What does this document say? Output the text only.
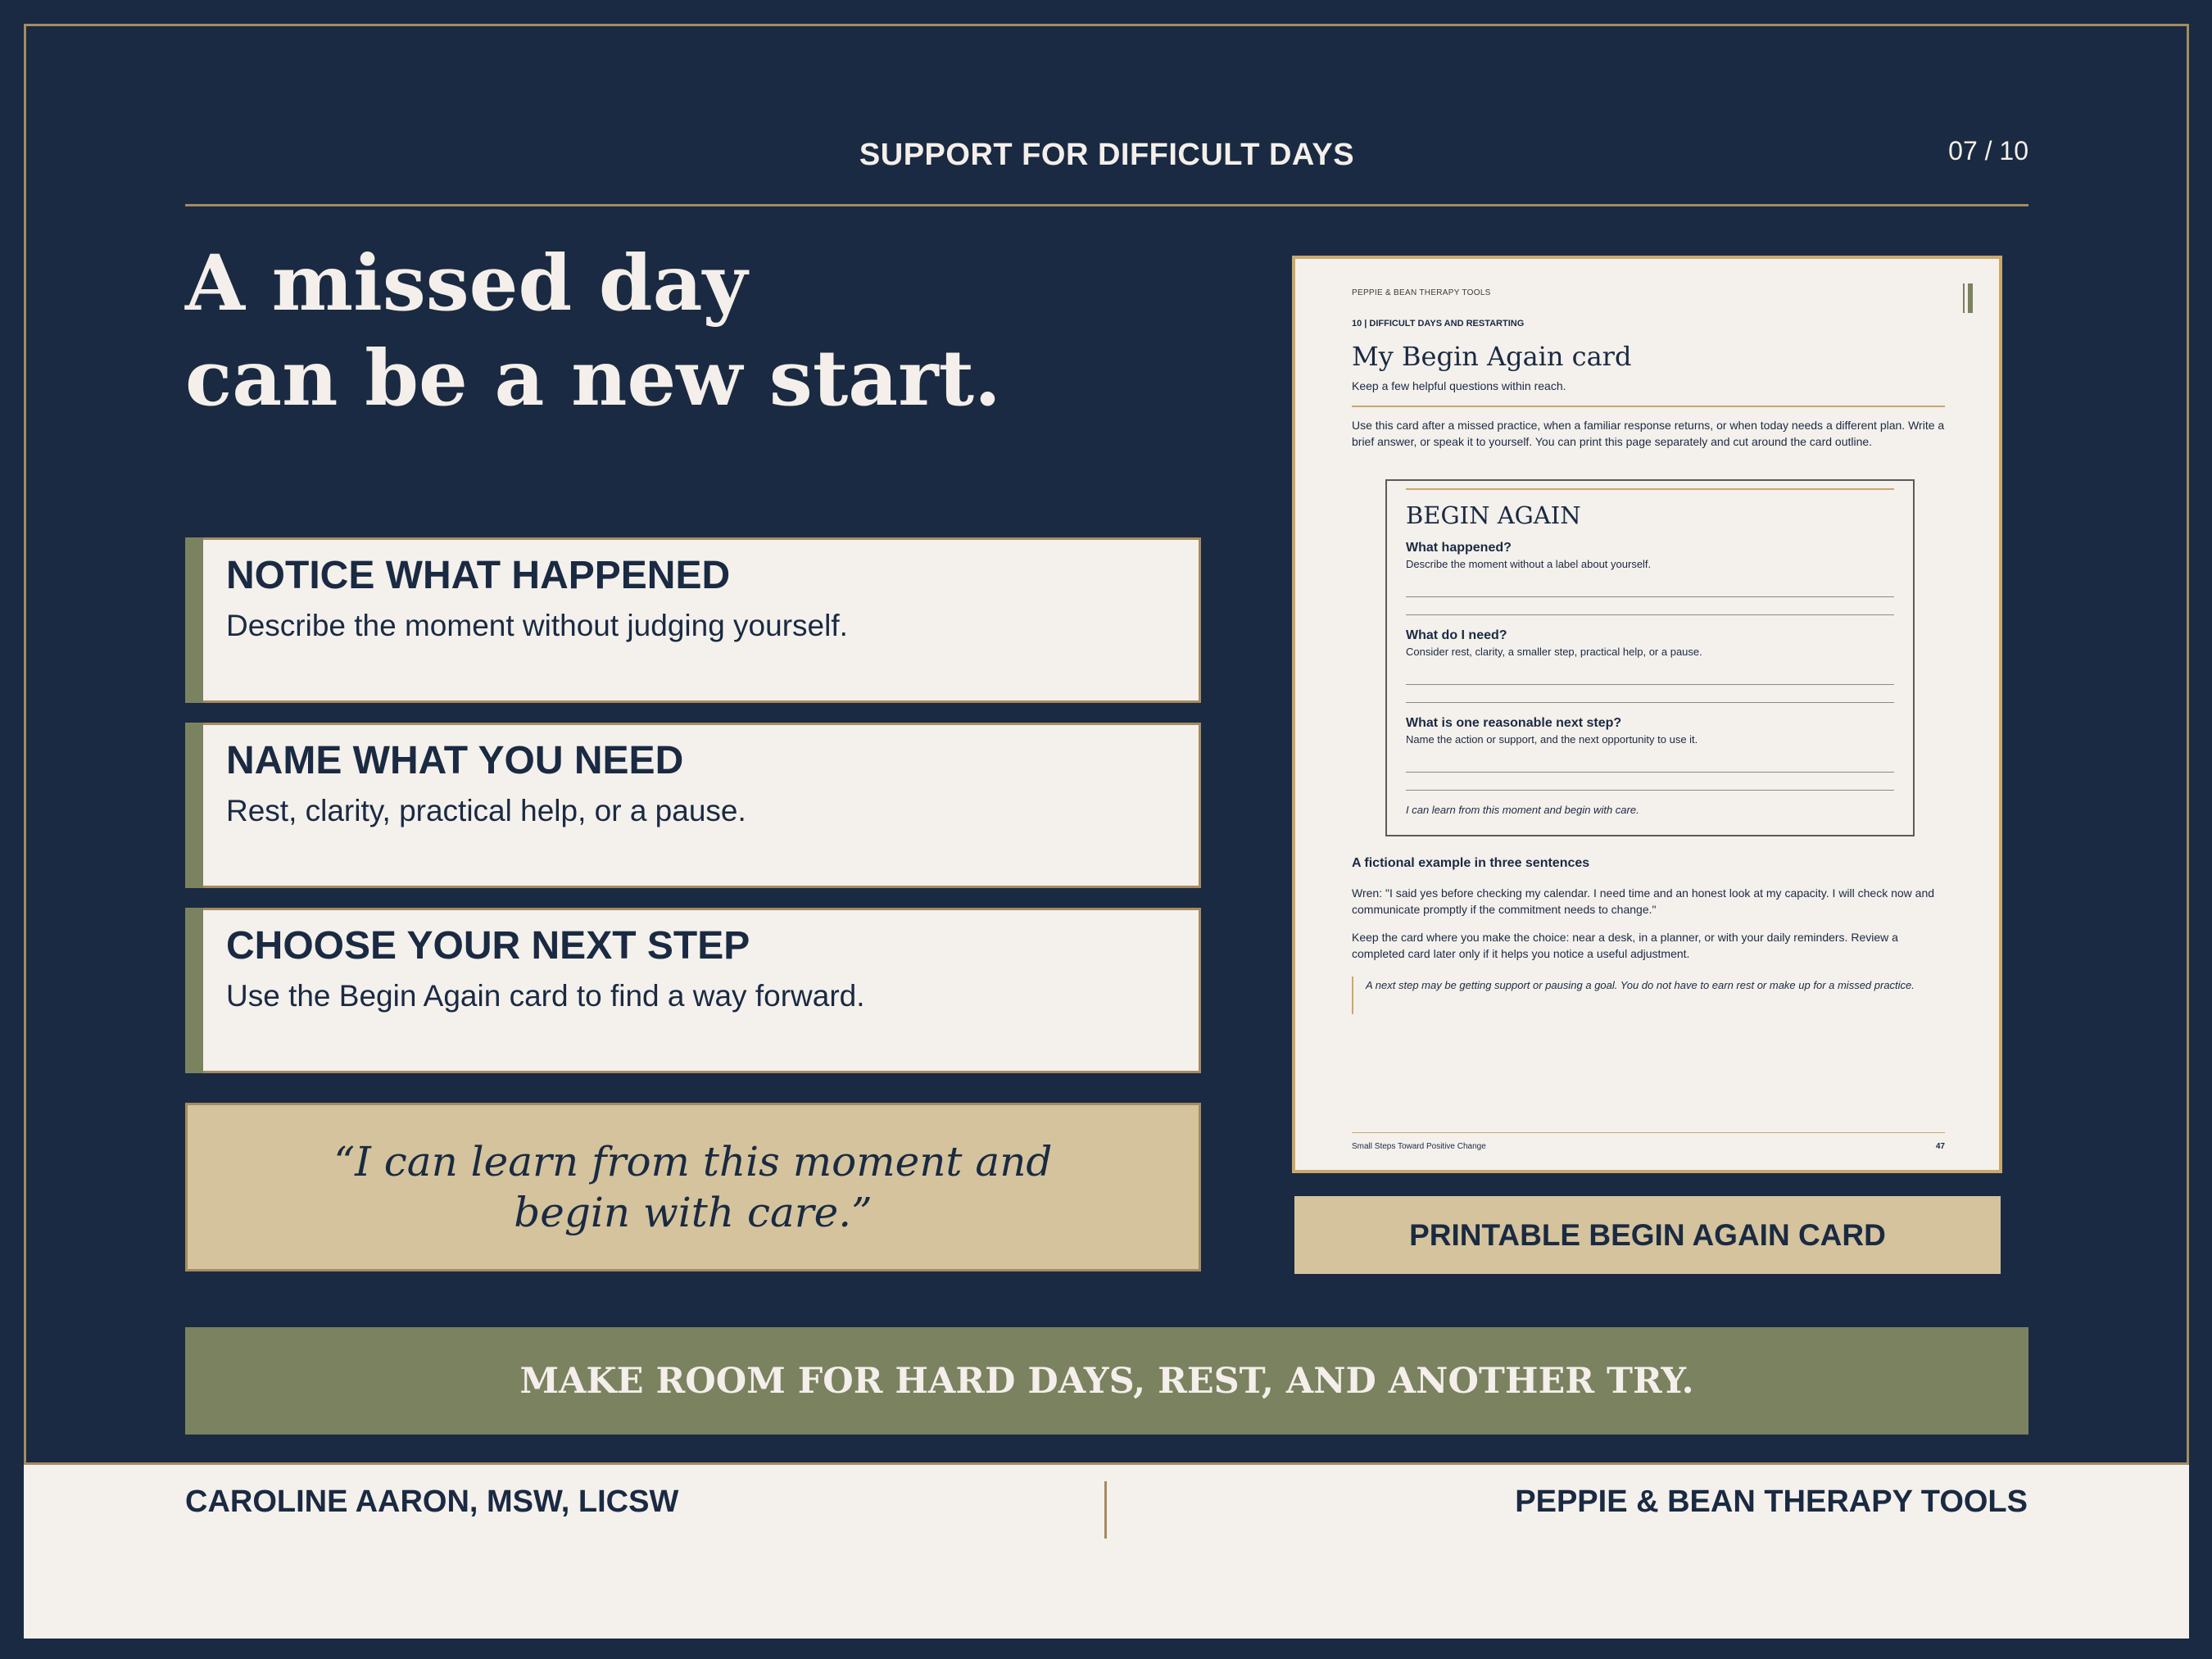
SUPPORT FOR DIFFICULT DAYS	07 / 10
A missed day
can be a new start.
NOTICE WHAT HAPPENED
Describe the moment without judging yourself.
NAME WHAT YOU NEED
Rest, clarity, practical help, or a pause.
CHOOSE YOUR NEXT STEP
Use the Begin Again card to find a way forward.
“I can learn from this moment and begin with care.”
PEPPIE & BEAN THERAPY TOOLS
10 | DIFFICULT DAYS AND RESTARTING
My Begin Again card
Keep a few helpful questions within reach.
Use this card after a missed practice, when a familiar response returns, or when today needs a different plan. Write a brief answer, or speak it to yourself. You can print this page separately and cut around the card outline.
BEGIN AGAIN
What happened?
Describe the moment without a label about yourself.
What do I need?
Consider rest, clarity, a smaller step, practical help, or a pause.
What is one reasonable next step?
Name the action or support, and the next opportunity to use it.
I can learn from this moment and begin with care.
A fictional example in three sentences
Wren: "I said yes before checking my calendar. I need time and an honest look at my capacity. I will check now and communicate promptly if the commitment needs to change."
Keep the card where you make the choice: near a desk, in a planner, or with your daily reminders. Review a completed card later only if it helps you notice a useful adjustment.
A next step may be getting support or pausing a goal. You do not have to earn rest or make up for a missed practice.
Small Steps Toward Positive Change	47
PRINTABLE BEGIN AGAIN CARD
MAKE ROOM FOR HARD DAYS, REST, AND ANOTHER TRY.
CAROLINE AARON, MSW, LICSW	PEPPIE & BEAN THERAPY TOOLS
